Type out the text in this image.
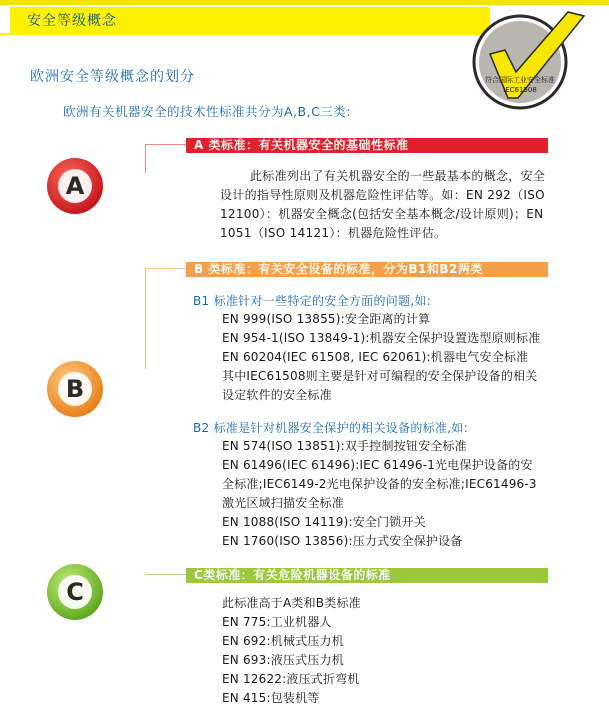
安全等级概念
符合国际工业安全标准
IEC61508
欧洲安全等级概念的划分
欧洲有关机器安全的技术性标准共分为A,B,C三类:
A 类标准：有关机器安全的基础性标准
A	此标准列出了有关机器安全的一些最基本的概念，安全

设计的指导性原则及机器危险性评估等。如：EN 292（ISO

12100）：机器安全概念(包括安全基本概念/设计原则)；EN

1051（ISO 14121）：机器危险性评估。

B 类标准：有关安全设备的标准，分为B1和B2两类
B
B1 标准针对一些特定的安全方面的问题,如:
EN 999(ISO 13855):安全距离的计算
EN 954-1(ISO 13849-1):机器安全保护设置选型原则标准
EN 60204(IEC 61508, IEC 62061):机器电气安全标准
其中IEC61508则主要是针对可编程的安全保护设备的相关
设定软件的安全标准
B2 标准是针对机器安全保护的相关设备的标准,如:
EN 574(ISO 13851):双手控制按钮安全标准
EN 61496(IEC 61496):IEC 61496-1光电保护设备的安
全标准;IEC6149-2光电保护设备的安全标准;IEC61496-3
激光区域扫描安全标准
EN 1088(ISO 14119):安全门锁开关
EN 1760(ISO 13856):压力式安全保护设备
C类标准：有关危险机器设备的标准
C	此标准高于A类和B类标准
EN 775:工业机器人
EN 692:机械式压力机
EN 693:液压式压力机
EN 12622:液压式折弯机
EN 415:包装机等
